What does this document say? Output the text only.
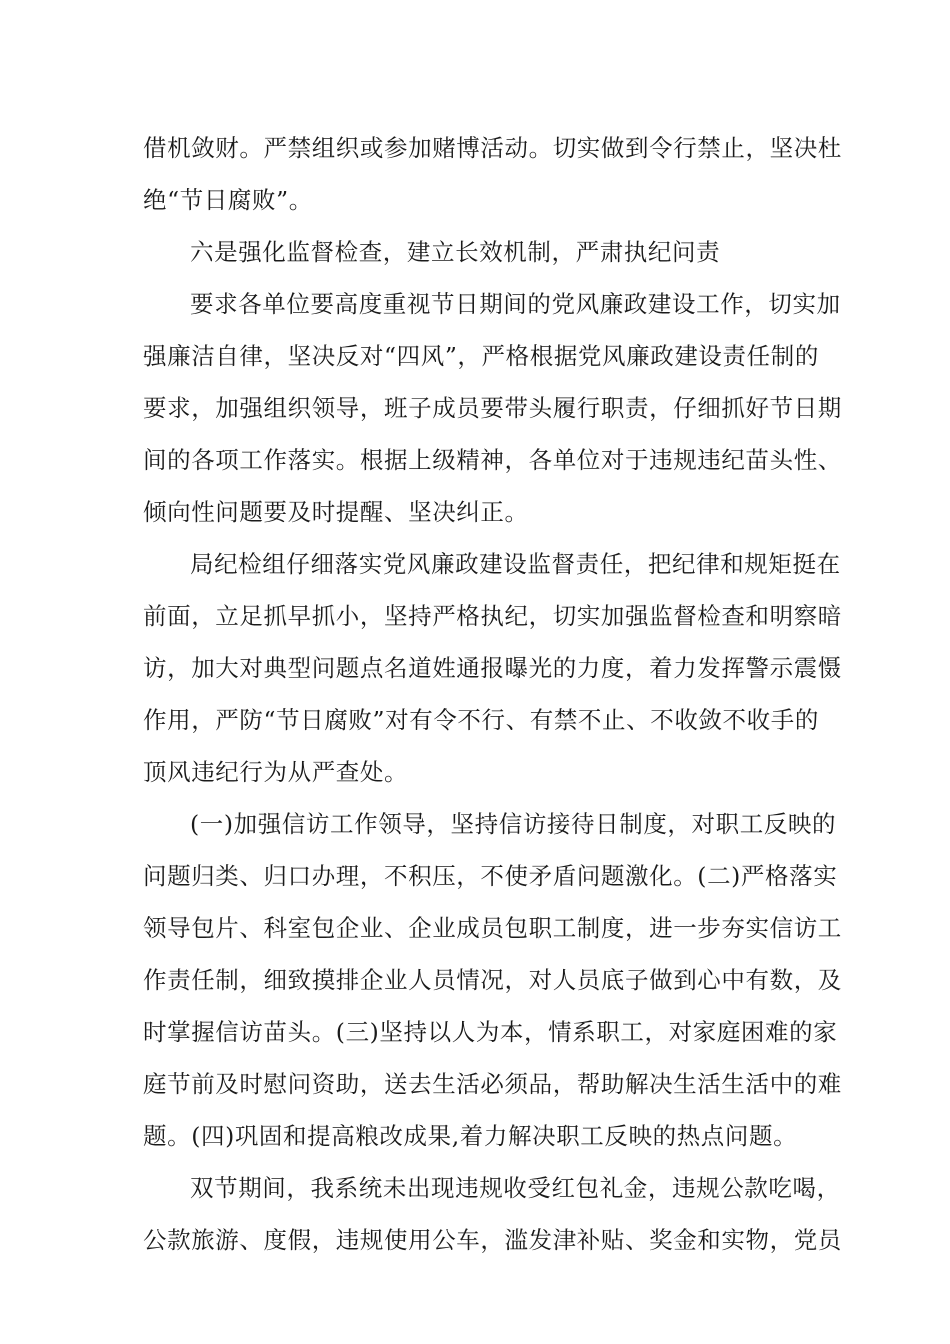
借机敛财。严禁组织或参加赌博活动。切实做到令行禁止，坚决杜
绝“节日腐败”。
六是强化监督检查，建立长效机制，严肃执纪问责
要求各单位要高度重视节日期间的党风廉政建设工作，切实加
强廉洁自律，坚决反对“四风”，严格根据党风廉政建设责任制的
要求，加强组织领导，班子成员要带头履行职责，仔细抓好节日期
间的各项工作落实。根据上级精神，各单位对于违规违纪苗头性、
倾向性问题要及时提醒、坚决纠正。
局纪检组仔细落实党风廉政建设监督责任，把纪律和规矩挺在
前面，立足抓早抓小，坚持严格执纪，切实加强监督检查和明察暗
访，加大对典型问题点名道姓通报曝光的力度，着力发挥警示震慑
作用，严防“节日腐败”对有令不行、有禁不止、不收敛不收手的
顶风违纪行为从严查处。
(一)加强信访工作领导，坚持信访接待日制度，对职工反映的
问题归类、归口办理，不积压，不使矛盾问题激化。(二)严格落实
领导包片、科室包企业、企业成员包职工制度，进一步夯实信访工
作责任制，细致摸排企业人员情况，对人员底子做到心中有数，及
时掌握信访苗头。(三)坚持以人为本，情系职工，对家庭困难的家
庭节前及时慰问资助，送去生活必须品，帮助解决生活生活中的难
题。(四)巩固和提高粮改成果,着力解决职工反映的热点问题。
双节期间，我系统未出现违规收受红包礼金，违规公款吃喝，
公款旅游、度假，违规使用公车，滥发津补贴、奖金和实物，党员
